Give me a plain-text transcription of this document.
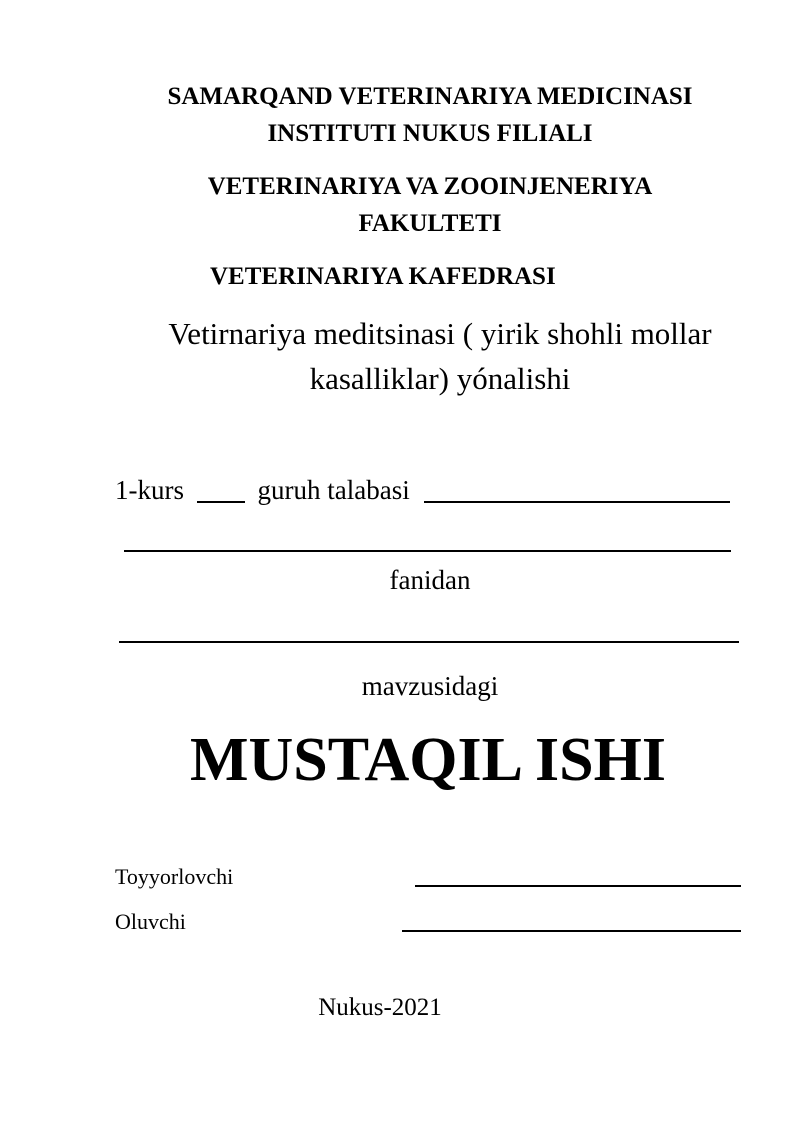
SAMARQAND VETERINARIYA MEDICINASI
INSTITUTI NUKUS FILIALI
VETERINARIYA VA ZOOINJENERIYA
FAKULTETI
VETERINARIYA KAFEDRASI
Vetirnariya meditsinasi ( yirik shohli mollar
kasalliklar) yónalishi
1-kurs	guruh talabasi
fanidan
mavzusidagi
MUSTAQIL ISHI
Toyyorlovchi
Oluvchi
Nukus-2021
